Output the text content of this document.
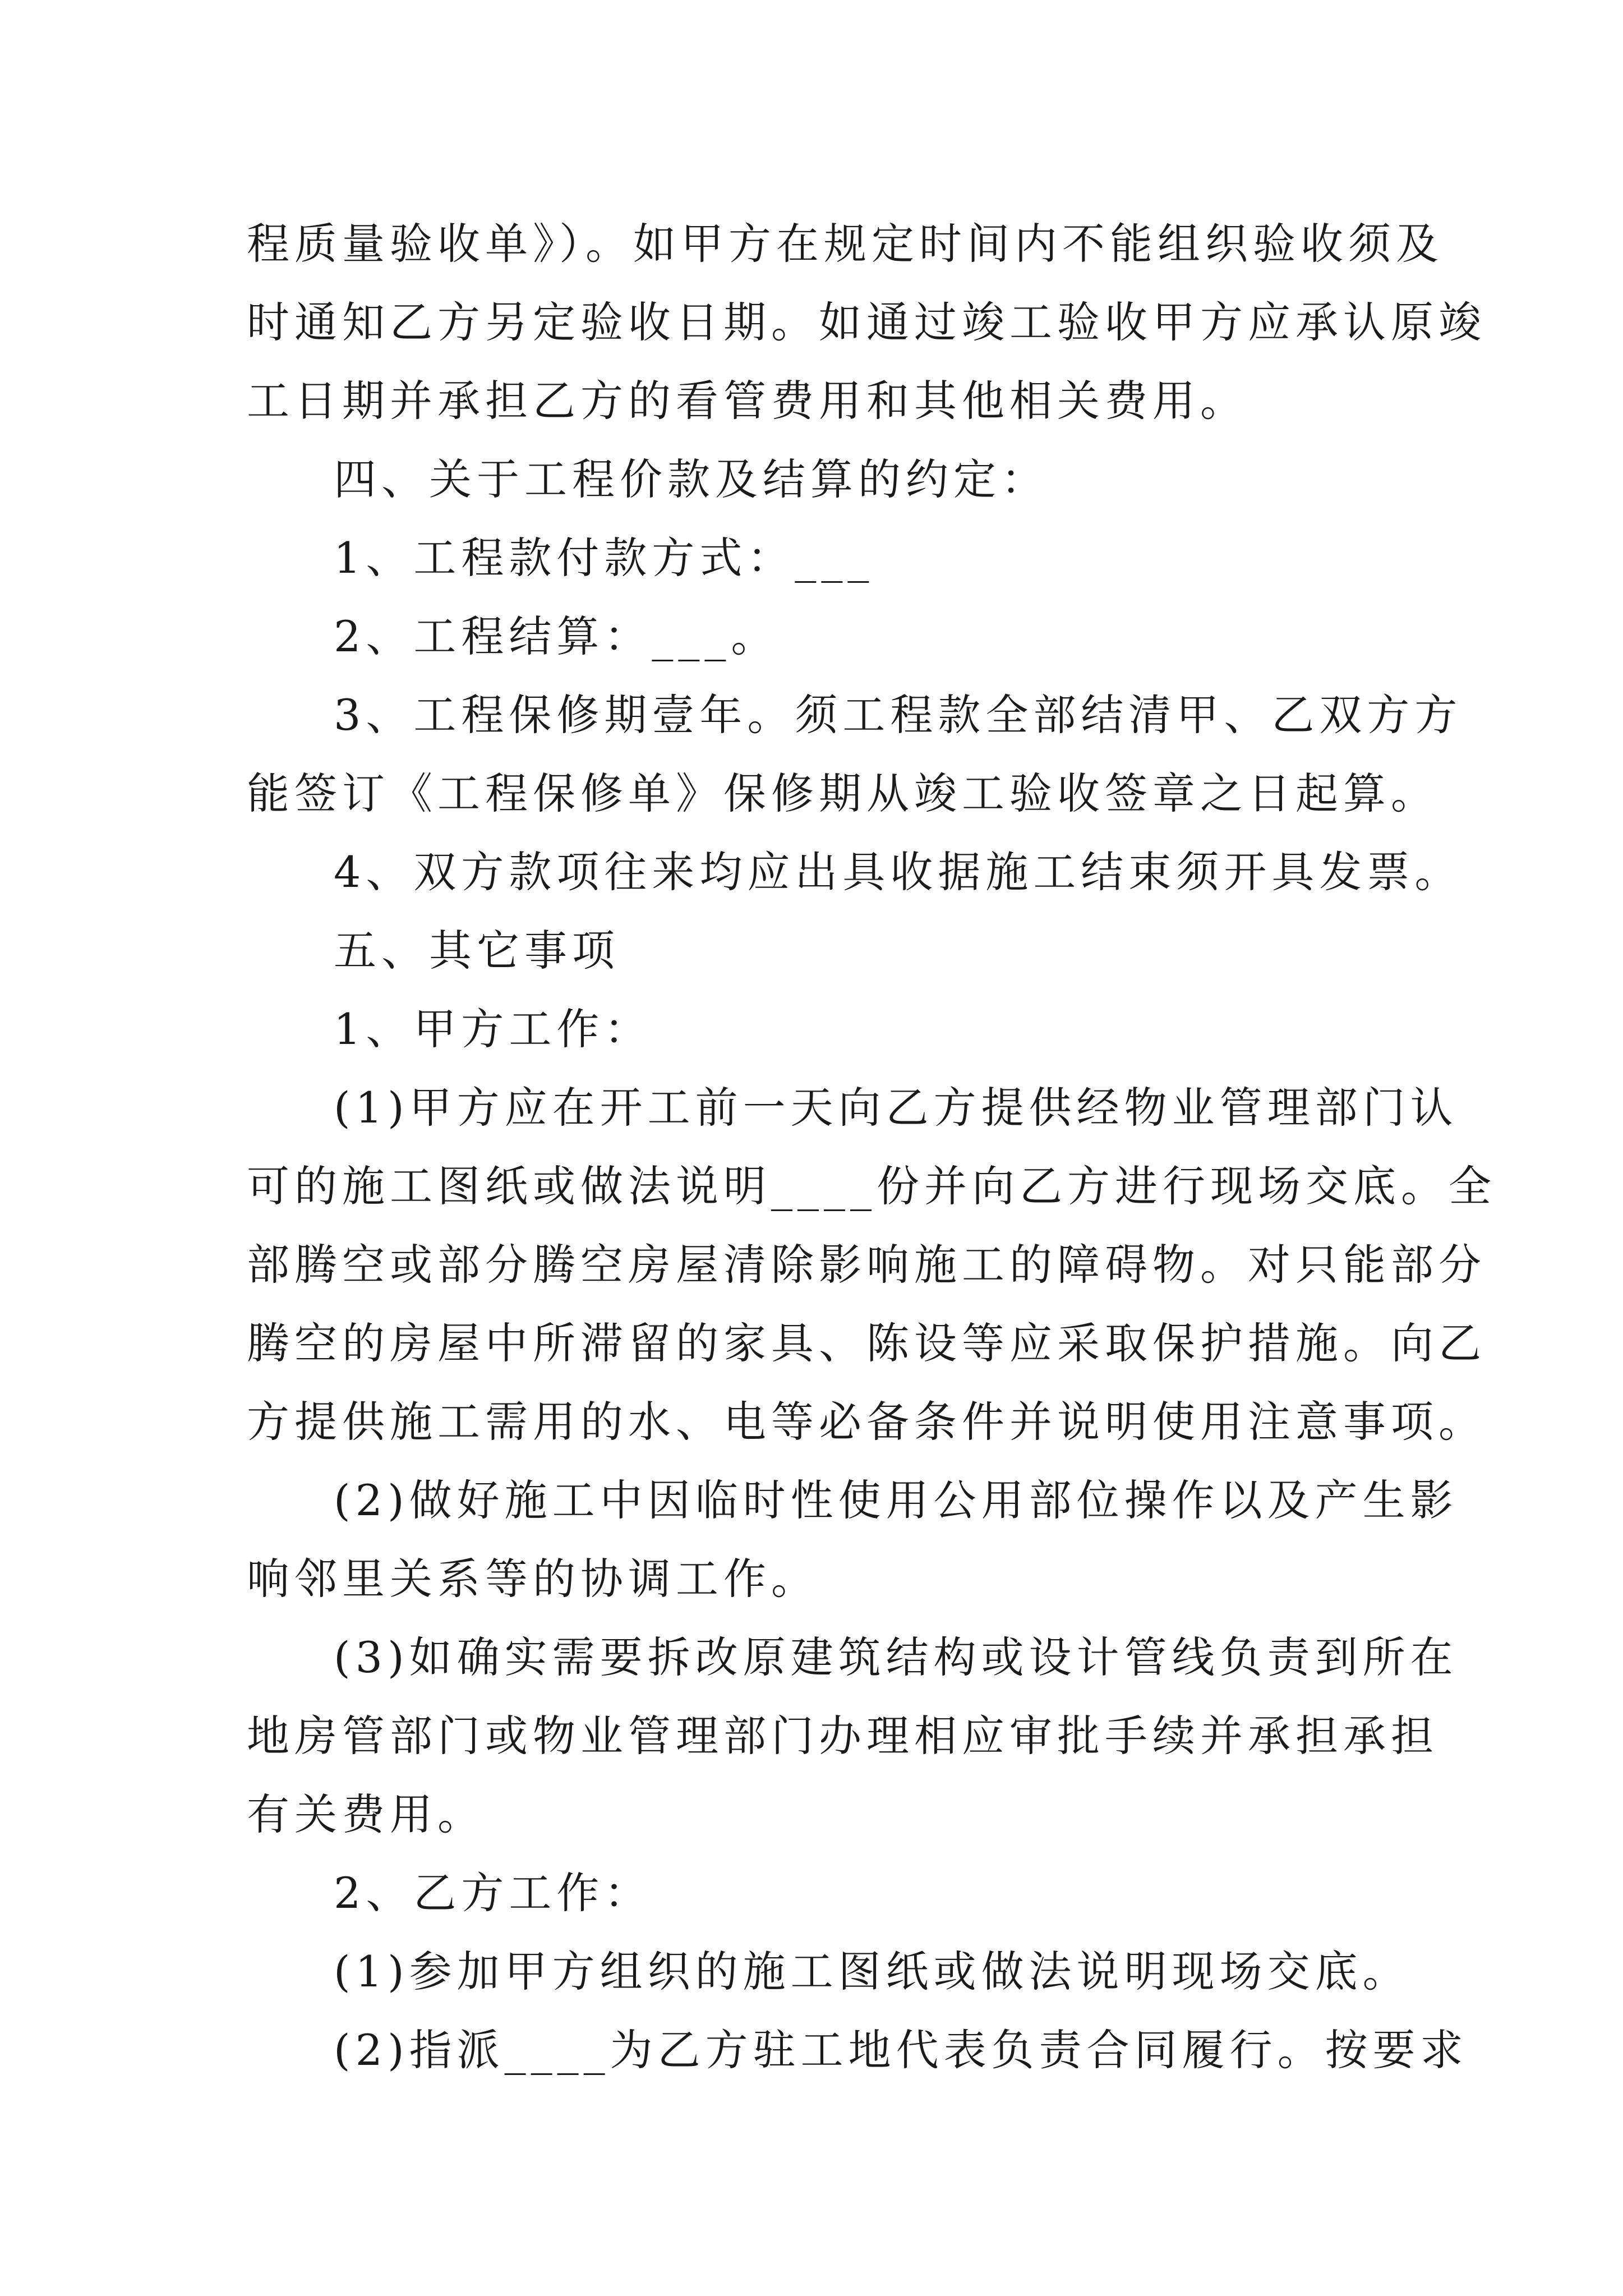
程质量验收单》）。如甲方在规定时间内不能组织验收须及

时通知乙方另定验收日期。如通过竣工验收甲方应承认原竣

工日期并承担乙方的看管费用和其他相关费用。

四、关于工程价款及结算的约定：

1、工程款付款方式：___

2、工程结算：___。

3、工程保修期壹年。须工程款全部结清甲、乙双方方

能签订《工程保修单》保修期从竣工验收签章之日起算。

4、双方款项往来均应出具收据施工结束须开具发票。

五、其它事项

1、甲方工作：

(1)甲方应在开工前一天向乙方提供经物业管理部门认

可的施工图纸或做法说明____份并向乙方进行现场交底。全

部腾空或部分腾空房屋清除影响施工的障碍物。对只能部分

腾空的房屋中所滞留的家具、陈设等应采取保护措施。向乙

方提供施工需用的水、电等必备条件并说明使用注意事项。

(2)做好施工中因临时性使用公用部位操作以及产生影

响邻里关系等的协调工作。

(3)如确实需要拆改原建筑结构或设计管线负责到所在

地房管部门或物业管理部门办理相应审批手续并承担承担

有关费用。

2、乙方工作：

(1)参加甲方组织的施工图纸或做法说明现场交底。

(2)指派____为乙方驻工地代表负责合同履行。按要求
